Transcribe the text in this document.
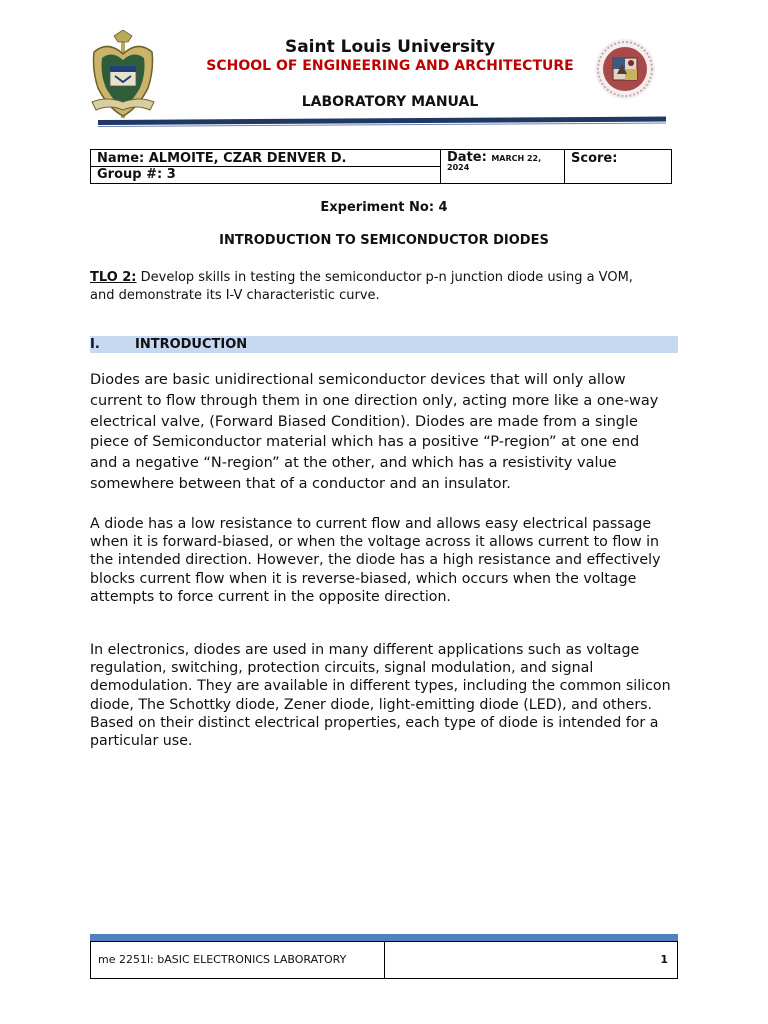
Saint Louis University
SCHOOL OF ENGINEERING AND ARCHITECTURE
LABORATORY MANUAL
Name: ALMOITE, CZAR DENVER D.
Group #: 3
Date: MARCH 22,

2024
Score:
Experiment No: 4
INTRODUCTION TO SEMICONDUCTOR DIODES
TLO 2: Develop skills in testing the semiconductor p-n junction diode using a VOM, and demonstrate its I-V characteristic curve.
I.	INTRODUCTION
Diodes are basic unidirectional semiconductor devices that will only allow current to flow through them in one direction only, acting more like a one-way electrical valve, (Forward Biased Condition). Diodes are made from a single piece of Semiconductor material which has a positive “P-region” at one end and a negative “N-region” at the other, and which has a resistivity value somewhere between that of a conductor and an insulator.
A diode has a low resistance to current flow and allows easy electrical passage when it is forward-biased, or when the voltage across it allows current to flow in the intended direction. However, the diode has a high resistance and effectively blocks current flow when it is reverse-biased, which occurs when the voltage attempts to force current in the opposite direction.
In electronics, diodes are used in many different applications such as voltage regulation, switching, protection circuits, signal modulation, and signal demodulation. They are available in different types, including the common silicon diode, The Schottky diode, Zener diode, light-emitting diode (LED), and others. Based on their distinct electrical properties, each type of diode is intended for a particular use.
me 2251l: bASIC ELECTRONICS LABORATORY	1
